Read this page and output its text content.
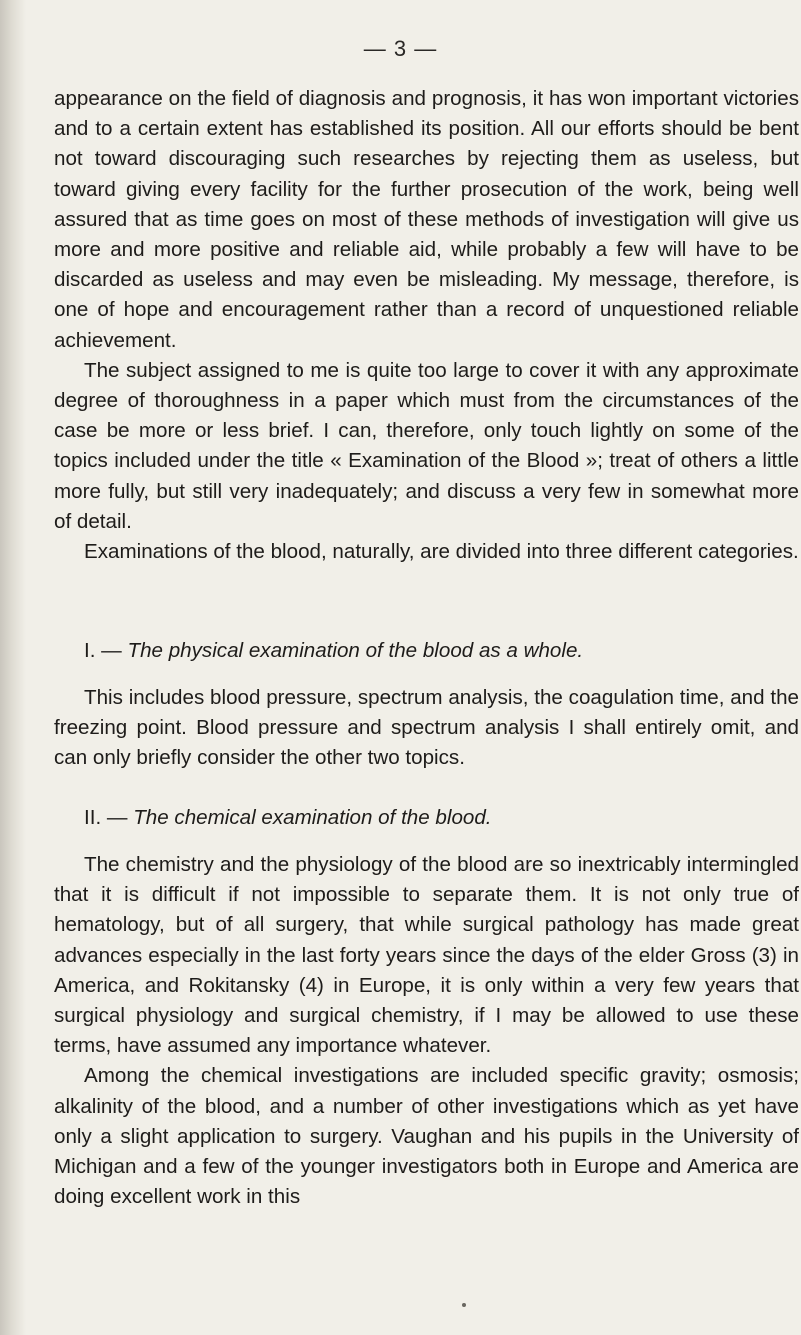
— 3 —

appearance on the field of diagnosis and prognosis, it has won important victories and to a certain extent has established its position. All our efforts should be bent not toward discouraging such researches by rejecting them as useless, but toward giving every facility for the further prosecution of the work, being well assured that as time goes on most of these methods of investigation will give us more and more positive and reliable aid, while probably a few will have to be discarded as useless and may even be misleading. My message, therefore, is one of hope and encouragement rather than a record of unquestioned reliable achievement.

The subject assigned to me is quite too large to cover it with any approximate degree of thoroughness in a paper which must from the circumstances of the case be more or less brief. I can, therefore, only touch lightly on some of the topics included under the title « Examination of the Blood »; treat of others a little more fully, but still very inadequately; and discuss a very few in somewhat more of detail.

Examinations of the blood, naturally, are divided into three different categories.

I. — The physical examination of the blood as a whole.

This includes blood pressure, spectrum analysis, the coagulation time, and the freezing point. Blood pressure and spectrum analysis I shall entirely omit, and can only briefly consider the other two topics.

II. — The chemical examination of the blood.

The chemistry and the physiology of the blood are so inextricably intermingled that it is difficult if not impossible to separate them. It is not only true of hematology, but of all surgery, that while surgical pathology has made great advances especially in the last forty years since the days of the elder Gross (3) in America, and Rokitansky (4) in Europe, it is only within a very few years that surgical physiology and surgical chemistry, if I may be allowed to use these terms, have assumed any importance whatever.

Among the chemical investigations are included specific gravity; osmosis; alkalinity of the blood, and a number of other investigations which as yet have only a slight application to surgery. Vaughan and his pupils in the University of Michigan and a few of the younger investigators both in Europe and America are doing excellent work in this
